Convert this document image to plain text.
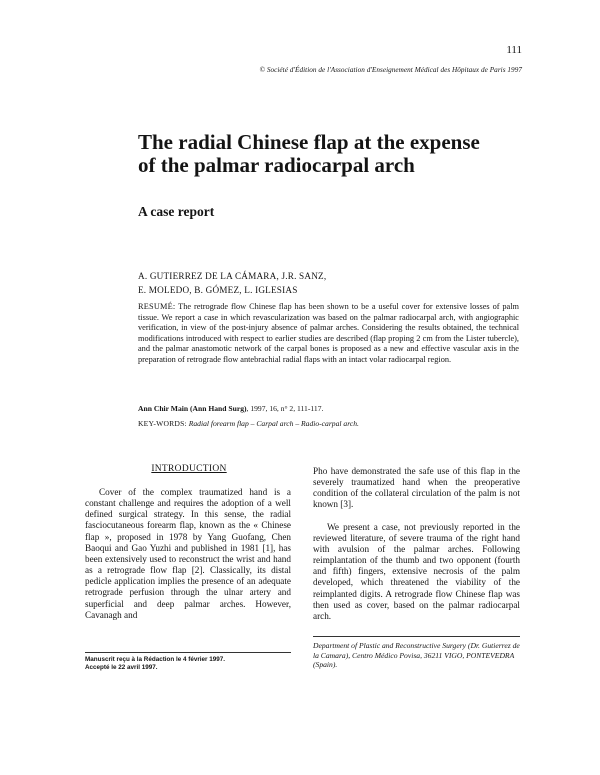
111
© Société d'Édition de l'Association d'Enseignement Médical des Hôpitaux de Paris 1997
The radial Chinese flap at the expense of the palmar radiocarpal arch
A case report
A. GUTIERREZ DE LA CÁMARA, J.R. SANZ,
E. MOLEDO, B. GÓMEZ, L. IGLESIAS
RESUMÉ: The retrograde flow Chinese flap has been shown to be a useful cover for extensive losses of palm tissue. We report a case in which revascularization was based on the palmar radiocarpal arch, with angiographic verification, in view of the post-injury absence of palmar arches. Considering the results obtained, the technical modifications introduced with respect to earlier studies are described (flap proping 2 cm from the Lister tubercle), and the palmar anastomotic network of the carpal bones is proposed as a new and effective vascular axis in the preparation of retrograde flow antebrachial radial flaps with an intact volar radiocarpal region.
Ann Chir Main (Ann Hand Surg), 1997, 16, n° 2, 111-117.
KEY-WORDS: Radial forearm flap – Carpal arch – Radio-carpal arch.
INTRODUCTION

Cover of the complex traumatized hand is a constant challenge and requires the adoption of a well defined surgical strategy. In this sense, the radial fasciocutaneous forearm flap, known as the « Chinese flap », proposed in 1978 by Yang Guofang, Chen Baoqui and Gao Yuzhi and published in 1981 [1], has been extensively used to reconstruct the wrist and hand as a retrograde flow flap [2]. Classically, its distal pedicle application implies the presence of an adequate retrograde perfusion through the ulnar artery and superficial and deep palmar arches. However, Cavanagh and

Pho have demonstrated the safe use of this flap in the severely traumatized hand when the preoperative condition of the collateral circulation of the palm is not known [3].

We present a case, not previously reported in the reviewed literature, of severe trauma of the right hand with avulsion of the palmar arches. Following reimplantation of the thumb and two opponent (fourth and fifth) fingers, extensive necrosis of the palm developed, which threatened the viability of the reimplanted digits. A retrograde flow Chinese flap was then used as cover, based on the palmar radiocarpal arch.

Manuscrit reçu à la Rédaction le 4 février 1997.
Accepté le 22 avril 1997.
Department of Plastic and Reconstructive Surgery (Dr. Gutierrez de la Camara), Centro Médico Povisa, 36211 VIGO, PONTEVEDRA (Spain).
